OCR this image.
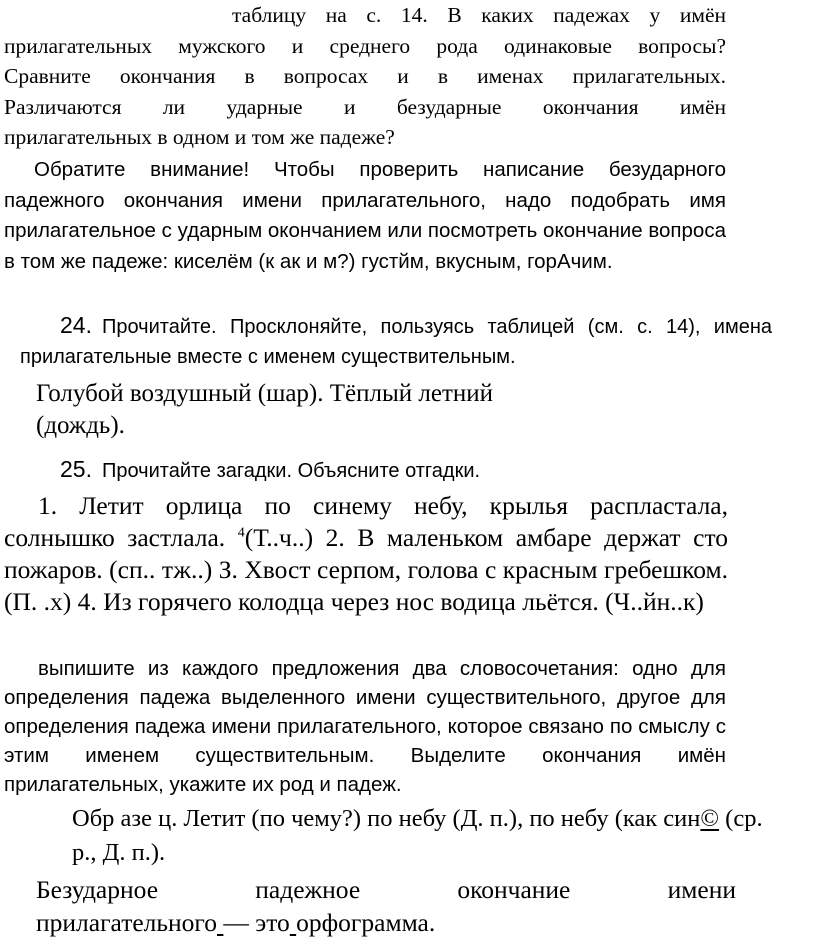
таблицу на с. 14. В каких падежах у имён
прилагательных мужского и среднего рода одинаковые вопросы?
Сравните окончания в вопросах и в именах прилагательных.
Различаются ли ударные и безударные окончания имён
прилагательных в одном и том же падеже?

Обратите внимание! Чтобы проверить написание безударного падежного окончания имени прилагательного, надо подобрать имя прилагательное с ударным окончанием или посмотреть окончание вопроса в том же падеже: киселём (к ак и м?) густйм, вкусным, горАчим.

24. Прочитайте. Просклоняйте, пользуясь таблицей (см. с. 14), имена прилагательные вместе с именем существительным.

Голубой воздушный (шар). Тёплый летний (дождь).

25. Прочитайте загадки. Объясните отгадки.

1. Летит орлица по синему небу, крылья распластала, солнышко застлала. $^4$(Т..ч..) 2. В маленьком амбаре держат сто пожаров. (сп.. тж..) З. Хвост серпом, голова с красным гребешком. (П. .х) 4. Из горячего колодца через нос водица льётся. (Ч..йн..к)

выпишите из каждого предложения два словосочетания: одно для определения падежа выделенного имени существительного, другое для определения падежа имени прилагательного, которое связано по смыслу с этим именем существительным. Выделите окончания имён прилагательных, укажите их род и падеж.

Обр азе ц. Летит (по чему?) по небу (Д. п.), по небу (как син© (ср. р., Д. п.).

Безударное падежное окончание имени
прилагательного — это орфограмма.
